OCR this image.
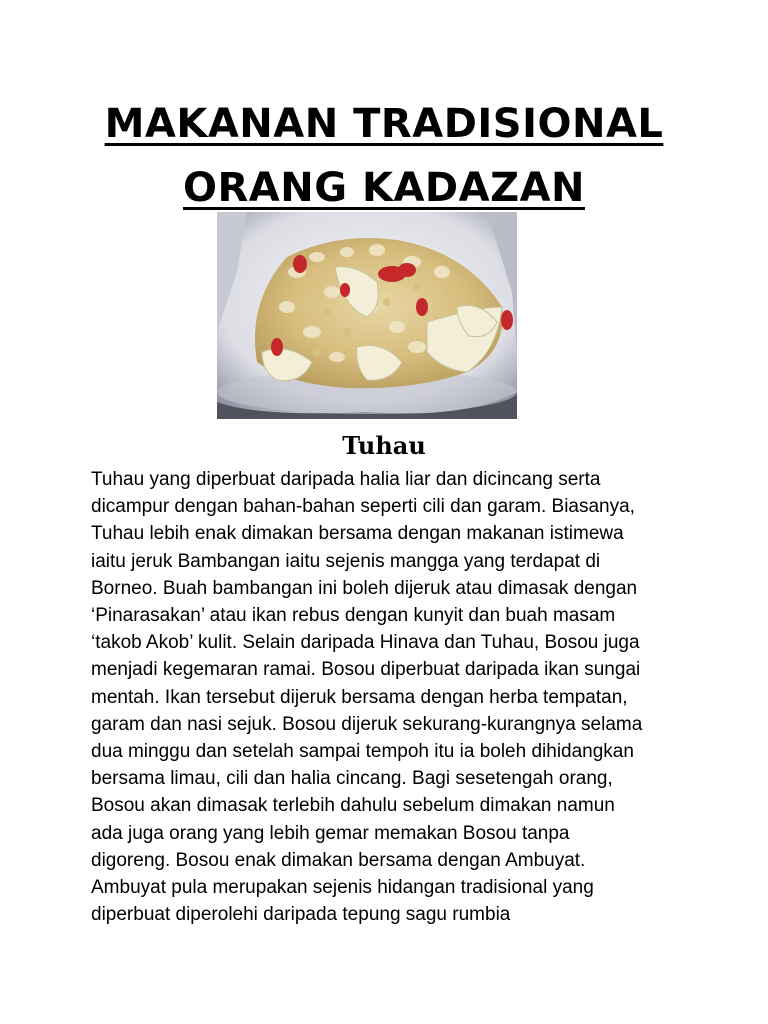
MAKANAN TRADISIONAL
ORANG KADAZAN
Tuhau
Tuhau yang diperbuat daripada halia liar dan dicincang serta
dicampur dengan bahan-bahan seperti cili dan garam. Biasanya,
Tuhau lebih enak dimakan bersama dengan makanan istimewa
iaitu jeruk Bambangan iaitu sejenis mangga yang terdapat di
Borneo. Buah bambangan ini boleh dijeruk atau dimasak dengan
‘Pinarasakan’ atau ikan rebus dengan kunyit dan buah masam
‘takob Akob’ kulit. Selain daripada Hinava dan Tuhau, Bosou juga
menjadi kegemaran ramai. Bosou diperbuat daripada ikan sungai
mentah. Ikan tersebut dijeruk bersama dengan herba tempatan,
garam dan nasi sejuk. Bosou dijeruk sekurang-kurangnya selama
dua minggu dan setelah sampai tempoh itu ia boleh dihidangkan
bersama limau, cili dan halia cincang. Bagi sesetengah orang,
Bosou akan dimasak terlebih dahulu sebelum dimakan namun
ada juga orang yang lebih gemar memakan Bosou tanpa
digoreng. Bosou enak dimakan bersama dengan Ambuyat.
Ambuyat pula merupakan sejenis hidangan tradisional yang
diperbuat diperolehi daripada tepung sagu rumbia
